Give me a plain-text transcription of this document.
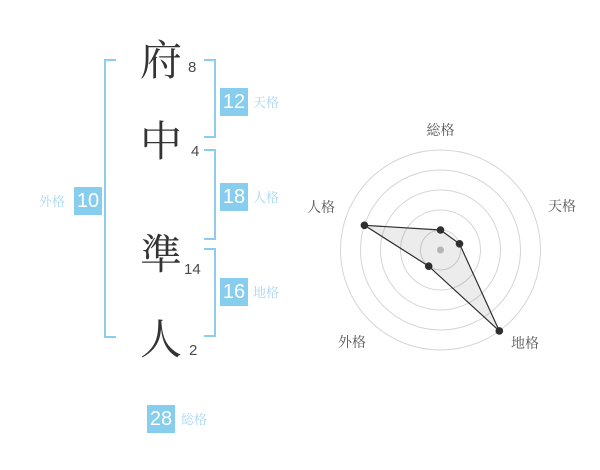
府
中
準
人
8
4
14
2
12 天格
18 人格
16 地格
10
外格
28 総格
総格
天格
地格
外格
人格
